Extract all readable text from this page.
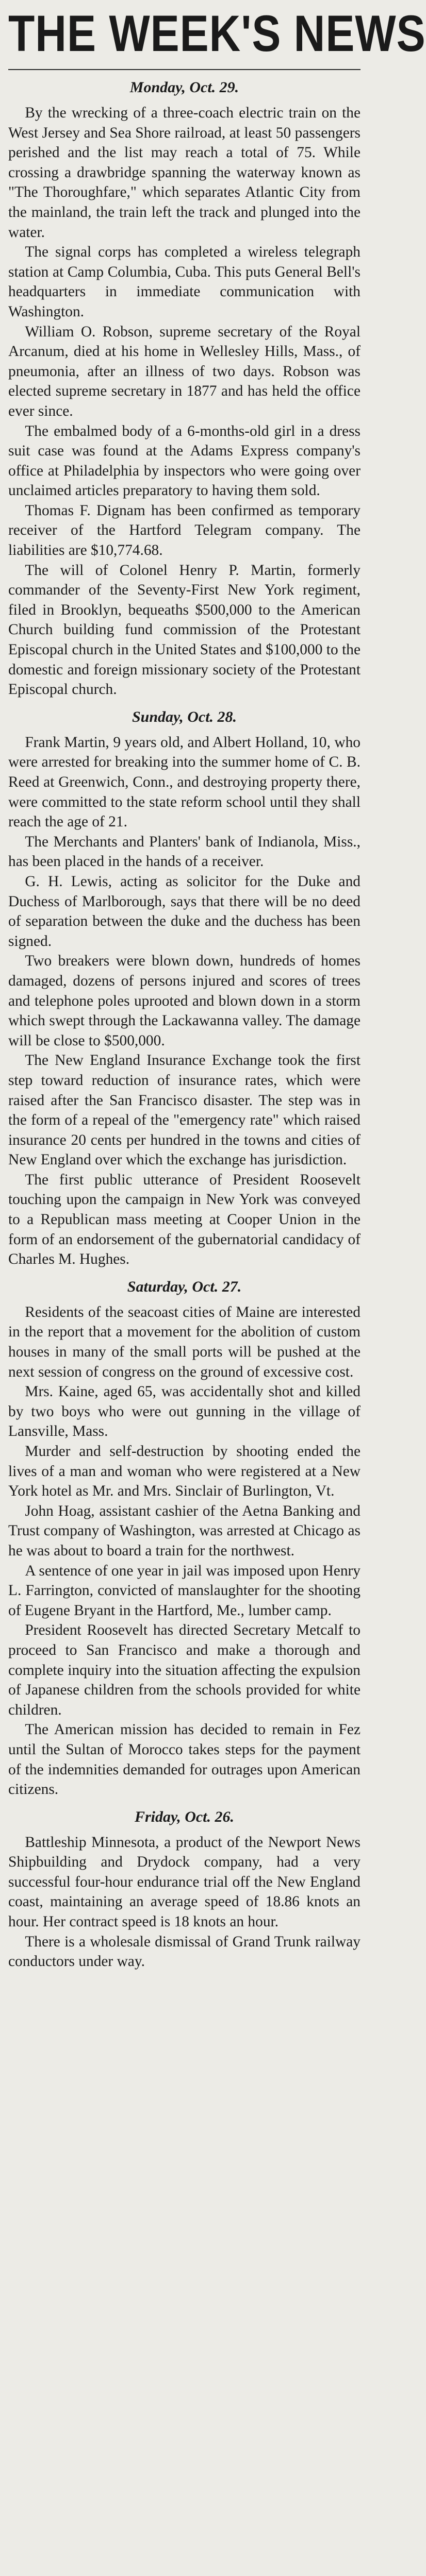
THE WEEK'S NEWS
Monday, Oct. 29.

By the wrecking of a three-coach electric train on the West Jersey and Sea Shore railroad, at least 50 passengers perished and the list may reach a total of 75. While crossing a drawbridge spanning the waterway known as "The Thoroughfare," which separates Atlantic City from the mainland, the train left the track and plunged into the water.

The signal corps has completed a wireless telegraph station at Camp Columbia, Cuba. This puts General Bell's headquarters in immediate communication with Washington.

William O. Robson, supreme secretary of the Royal Arcanum, died at his home in Wellesley Hills, Mass., of pneumonia, after an illness of two days. Robson was elected supreme secretary in 1877 and has held the office ever since.

The embalmed body of a 6-months-old girl in a dress suit case was found at the Adams Express company's office at Philadelphia by inspectors who were going over unclaimed articles preparatory to having them sold.

Thomas F. Dignam has been confirmed as temporary receiver of the Hartford Telegram company. The liabilities are $10,774.68.

The will of Colonel Henry P. Martin, formerly commander of the Seventy-First New York regiment, filed in Brooklyn, bequeaths $500,000 to the American Church building fund commission of the Protestant Episcopal church in the United States and $100,000 to the domestic and foreign missionary society of the Protestant Episcopal church.

Sunday, Oct. 28.

Frank Martin, 9 years old, and Albert Holland, 10, who were arrested for breaking into the summer home of C. B. Reed at Greenwich, Conn., and destroying property there, were committed to the state reform school until they shall reach the age of 21.

The Merchants and Planters' bank of Indianola, Miss., has been placed in the hands of a receiver.

G. H. Lewis, acting as solicitor for the Duke and Duchess of Marlborough, says that there will be no deed of separation between the duke and the duchess has been signed.

Two breakers were blown down, hundreds of homes damaged, dozens of persons injured and scores of trees and telephone poles uprooted and blown down in a storm which swept through the Lackawanna valley. The damage will be close to $500,000.

The New England Insurance Exchange took the first step toward reduction of insurance rates, which were raised after the San Francisco disaster. The step was in the form of a repeal of the "emergency rate" which raised insurance 20 cents per hundred in the towns and cities of New England over which the exchange has jurisdiction.

The first public utterance of President Roosevelt touching upon the campaign in New York was conveyed to a Republican mass meeting at Cooper Union in the form of an endorsement of the gubernatorial candidacy of Charles M. Hughes.

Saturday, Oct. 27.

Residents of the seacoast cities of Maine are interested in the report that a movement for the abolition of custom houses in many of the small ports will be pushed at the next session of congress on the ground of excessive cost.

Mrs. Kaine, aged 65, was accidentally shot and killed by two boys who were out gunning in the village of Lansville, Mass.

Murder and self-destruction by shooting ended the lives of a man and woman who were registered at a New York hotel as Mr. and Mrs. Sinclair of Burlington, Vt.

John Hoag, assistant cashier of the Aetna Banking and Trust company of Washington, was arrested at Chicago as he was about to board a train for the northwest.

A sentence of one year in jail was imposed upon Henry L. Farrington, convicted of manslaughter for the shooting of Eugene Bryant in the Hartford, Me., lumber camp.

President Roosevelt has directed Secretary Metcalf to proceed to San Francisco and make a thorough and complete inquiry into the situation affecting the expulsion of Japanese children from the schools provided for white children.

The American mission has decided to remain in Fez until the Sultan of Morocco takes steps for the payment of the indemnities demanded for outrages upon American citizens.

Friday, Oct. 26.

Battleship Minnesota, a product of the Newport News Shipbuilding and Drydock company, had a very successful four-hour endurance trial off the New England coast, maintaining an average speed of 18.86 knots an hour. Her contract speed is 18 knots an hour.

There is a wholesale dismissal of Grand Trunk railway conductors under way.
